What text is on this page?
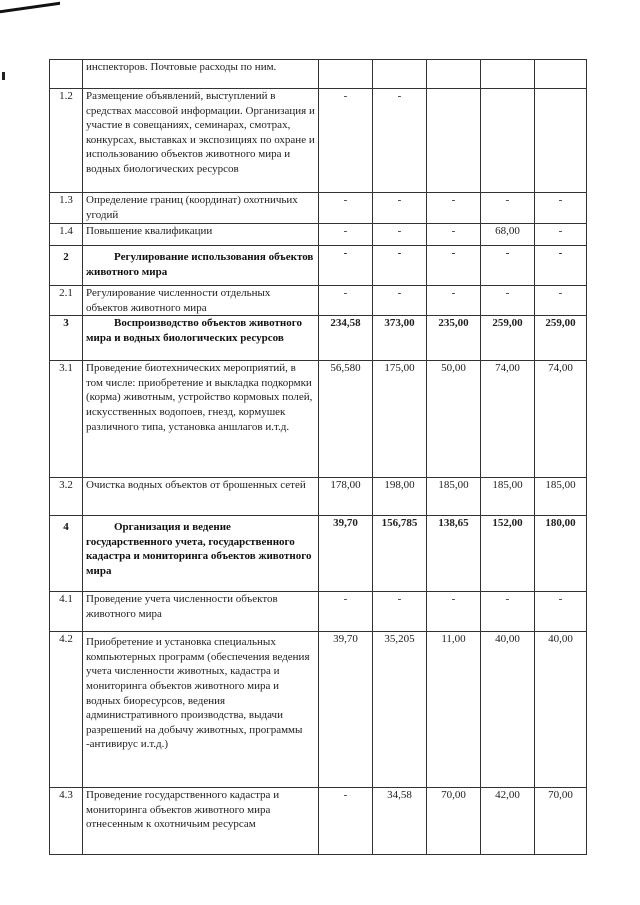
	инспекторов. Почтовые расходы по ним.					
1.2	Размещение объявлений, выступлений в средствах массовой информации. Организация и участие в совещаниях, семинарах, смотрах, конкурсах, выставках и экспозициях по охране и использованию объектов животного мира и водных биологических ресурсов	-	-			
1.3	Определение границ (координат) охотничьих угодий	-	-	-	-	-
1.4	Повышение квалификации	-	-	-	68,00	-
2	Регулирование использования объектов животного мира	-	-	-	-	-
2.1	Регулирование численности отдельных объектов животного мира	-	-	-	-	-
3	Воспроизводство объектов животного мира и водных биологических ресурсов	234,58	373,00	235,00	259,00	259,00
3.1	Проведение биотехнических мероприятий, в том числе: приобретение и выкладка подкормки (корма) животным, устройство кормовых полей, искусственных водопоев, гнезд, кормушек различного типа, установка аншлагов и.т.д.	56,580	175,00	50,00	74,00	74,00
3.2	Очистка водных объектов от брошенных сетей	178,00	198,00	185,00	185,00	185,00
4	Организация и ведение государственного учета, государственного кадастра и мониторинга объектов животного мира	39,70	156,785	138,65	152,00	180,00
4.1	Проведение учета численности объектов животного мира	-	-	-	-	-
4.2	Приобретение и установка специальных компьютерных программ (обеспечения ведения учета численности животных, кадастра и мониторинга объектов животного мира и водных биоресурсов, ведения административного производства, выдачи разрешений на добычу животных, программы -антивирус и.т.д.)	39,70	35,205	11,00	40,00	40,00
4.3	Проведение государственного кадастра и мониторинга объектов животного мира отнесенным к охотничьим ресурсам	-	34,58	70,00	42,00	70,00
